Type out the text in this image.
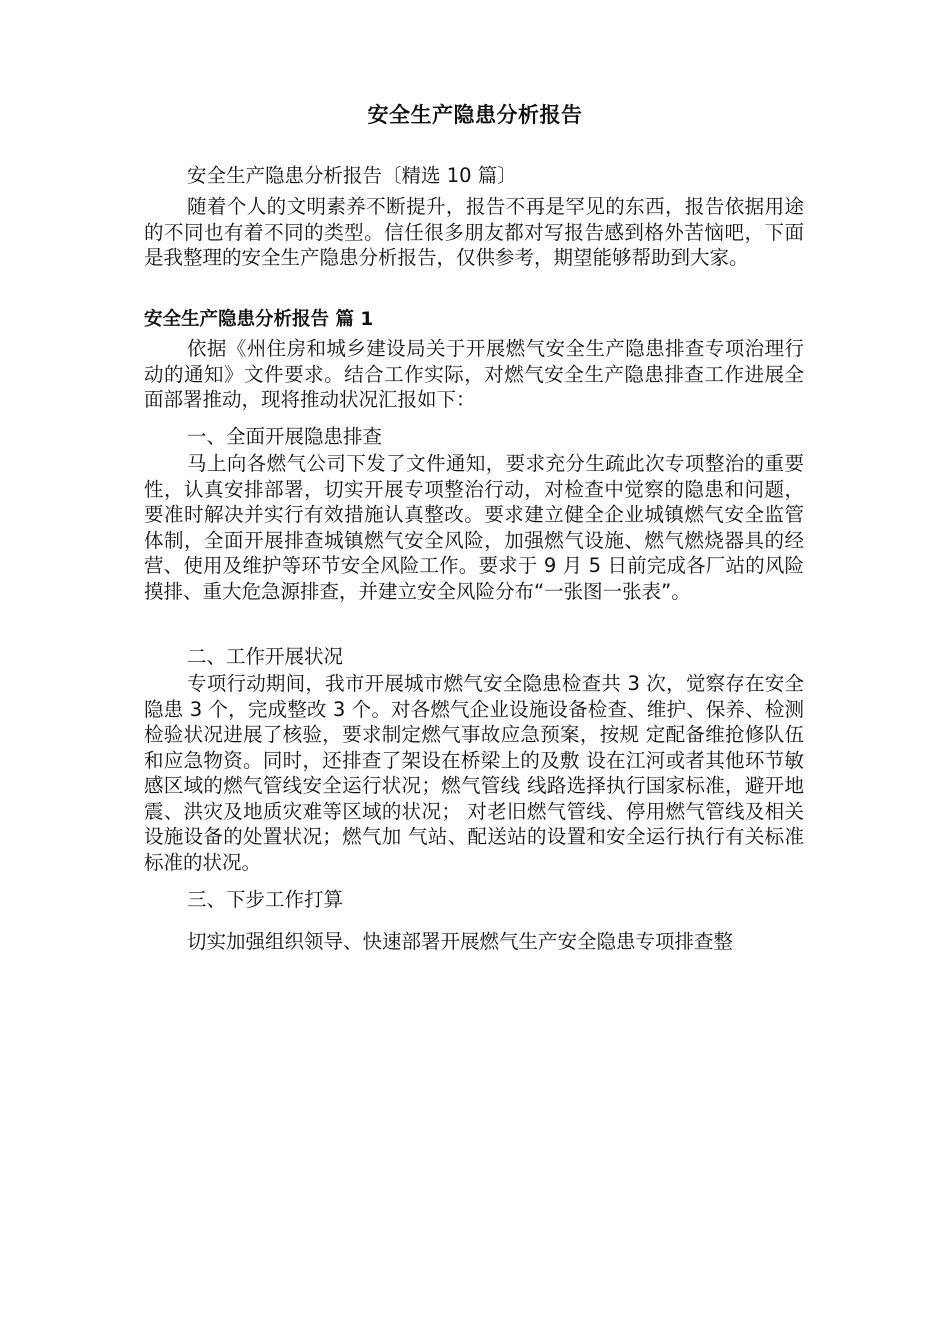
安全生产隐患分析报告

安全生产隐患分析报告〔精选 10 篇〕

随着个人的文明素养不断提升，报告不再是罕见的东西，报告依据用途的不同也有着不同的类型。信任很多朋友都对写报告感到格外苦恼吧，下面是我整理的安全生产隐患分析报告，仅供参考，期望能够帮助到大家。

安全生产隐患分析报告 篇 1

依据《州住房和城乡建设局关于开展燃气安全生产隐患排查专项治理行动的通知》文件要求。结合工作实际，对燃气安全生产隐患排查工作进展全面部署推动，现将推动状况汇报如下：

一、全面开展隐患排查

马上向各燃气公司下发了文件通知，要求充分生疏此次专项整治的重要性，认真安排部署，切实开展专项整治行动，对检查中觉察的隐患和问题，要准时解决并实行有效措施认真整改。要求建立健全企业城镇燃气安全监管体制，全面开展排查城镇燃气安全风险，加强燃气设施、燃气燃烧器具的经营、使用及维护等环节安全风险工作。要求于 9 月 5 日前完成各厂站的风险摸排、重大危急源排查，并建立安全风险分布“一张图一张表”。

二、工作开展状况

专项行动期间，我市开展城市燃气安全隐患检查共 3 次，觉察存在安全隐患 3 个，完成整改 3 个。对各燃气企业设施设备检查、维护、保养、检测检验状况进展了核验，要求制定燃气事故应急预案，按规 定配备维抢修队伍和应急物资。同时，还排查了架设在桥梁上的及敷 设在江河或者其他环节敏感区域的燃气管线安全运行状况；燃气管线 线路选择执行国家标准，避开地震、洪灾及地质灾难等区域的状况； 对老旧燃气管线、停用燃气管线及相关设施设备的处置状况；燃气加 气站、配送站的设置和安全运行执行有关标准标准的状况。

三、下步工作打算

切实加强组织领导、快速部署开展燃气生产安全隐患专项排查整
